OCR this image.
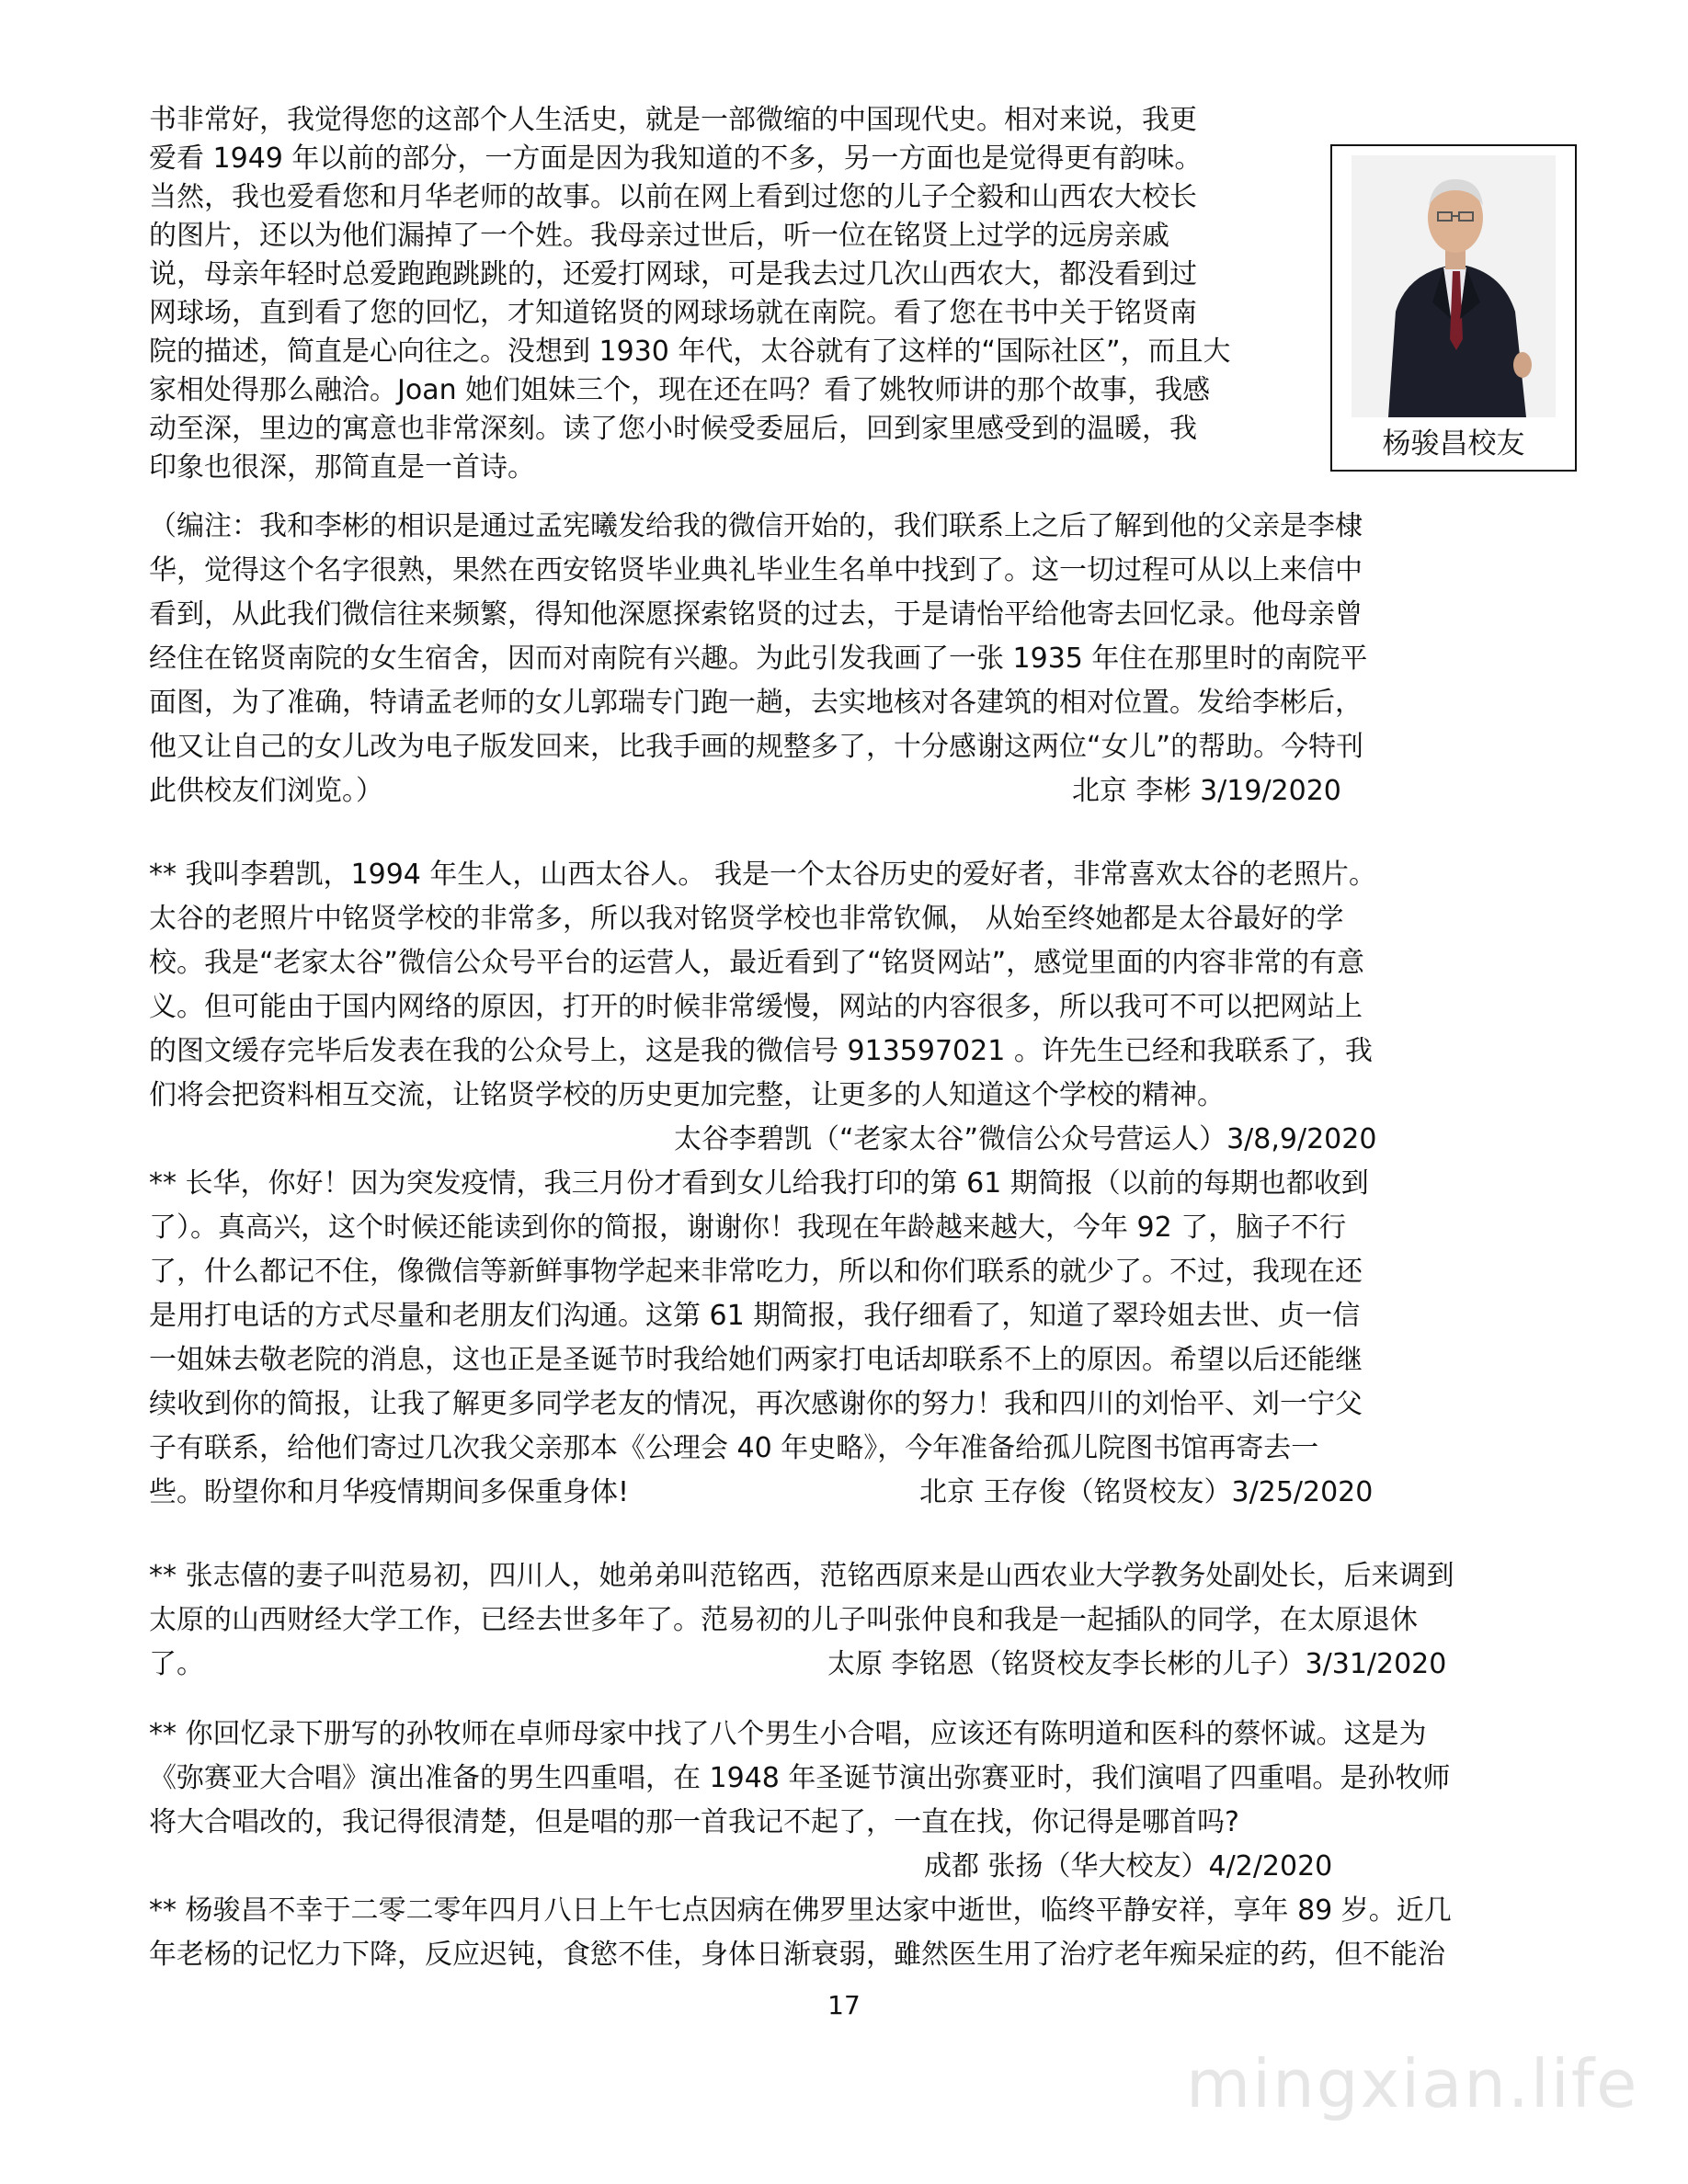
杨骏昌校友

书非常好，我觉得您的这部个人生活史，就是一部微缩的中国现代史。相对来说，我更

爱看 1949 年以前的部分，一方面是因为我知道的不多，另一方面也是觉得更有韵味。

当然，我也爱看您和月华老师的故事。以前在网上看到过您的儿子仝毅和山西农大校长

的图片，还以为他们漏掉了一个姓。我母亲过世后，听一位在铭贤上过学的远房亲戚

说，母亲年轻时总爱跑跑跳跳的，还爱打网球，可是我去过几次山西农大，都没看到过

网球场，直到看了您的回忆，才知道铭贤的网球场就在南院。看了您在书中关于铭贤南

院的描述，简直是心向往之。没想到 1930 年代，太谷就有了这样的“国际社区”，而且大

家相处得那么融洽。Joan 她们姐妹三个，现在还在吗？看了姚牧师讲的那个故事，我感

动至深，里边的寓意也非常深刻。读了您小时候受委屈后，回到家里感受到的温暖，我

印象也很深，那简直是一首诗。

（编注：我和李彬的相识是通过孟宪曦发给我的微信开始的，我们联系上之后了解到他的父亲是李棣

华，觉得这个名字很熟，果然在西安铭贤毕业典礼毕业生名单中找到了。这一切过程可从以上来信中

看到，从此我们微信往来频繁，得知他深愿探索铭贤的过去，于是请怡平给他寄去回忆录。他母亲曾

经住在铭贤南院的女生宿舍，因而对南院有兴趣。为此引发我画了一张 1935 年住在那里时的南院平

面图，为了准确，特请孟老师的女儿郭瑞专门跑一趟，去实地核对各建筑的相对位置。发给李彬后，

他又让自己的女儿改为电子版发回来，比我手画的规整多了，十分感谢这两位“女儿”的帮助。今特刊

此供校友们浏览。）	北京 李彬 3/19/2020

** 我叫李碧凯，1994 年生人，山西太谷人。 我是一个太谷历史的爱好者，非常喜欢太谷的老照片。

太谷的老照片中铭贤学校的非常多，所以我对铭贤学校也非常钦佩， 从始至终她都是太谷最好的学

校。我是“老家太谷”微信公众号平台的运营人，最近看到了“铭贤网站”，感觉里面的内容非常的有意

义。但可能由于国内网络的原因，打开的时候非常缓慢，网站的内容很多，所以我可不可以把网站上

的图文缓存完毕后发表在我的公众号上，这是我的微信号 913597021 。许先生已经和我联系了，我

们将会把资料相互交流，让铭贤学校的历史更加完整，让更多的人知道这个学校的精神。

太谷李碧凯（“老家太谷”微信公众号营运人）3/8,9/2020

** 长华，你好！因为突发疫情，我三月份才看到女儿给我打印的第 61 期简报（以前的每期也都收到

了）。真高兴，这个时候还能读到你的简报，谢谢你！我现在年龄越来越大，今年 92 了，脑子不行

了，什么都记不住，像微信等新鲜事物学起来非常吃力，所以和你们联系的就少了。不过，我现在还

是用打电话的方式尽量和老朋友们沟通。这第 61 期简报，我仔细看了，知道了翠玲姐去世、贞一信

一姐妹去敬老院的消息，这也正是圣诞节时我给她们两家打电话却联系不上的原因。希望以后还能继

续收到你的简报，让我了解更多同学老友的情况，再次感谢你的努力！我和四川的刘怡平、刘一宁父

子有联系，给他们寄过几次我父亲那本《公理会 40 年史略》，今年准备给孤儿院图书馆再寄去一

些。盼望你和月华疫情期间多保重身体!	北京 王存俊（铭贤校友）3/25/2020

** 张志僖的妻子叫范易初，四川人，她弟弟叫范铭西，范铭西原来是山西农业大学教务处副处长，后来调到

太原的山西财经大学工作，已经去世多年了。范易初的儿子叫张仲良和我是一起插队的同学，在太原退休

了。	太原 李铭恩（铭贤校友李长彬的儿子）3/31/2020

** 你回忆录下册写的孙牧师在卓师母家中找了八个男生小合唱，应该还有陈明道和医科的蔡怀诚。这是为

《弥赛亚大合唱》演出准备的男生四重唱，在 1948 年圣诞节演出弥赛亚时，我们演唱了四重唱。是孙牧师

将大合唱改的，我记得很清楚，但是唱的那一首我记不起了，一直在找，你记得是哪首吗?

成都 张扬（华大校友）4/2/2020

** 杨骏昌不幸于二零二零年四月八日上午七点因病在佛罗里达家中逝世，临终平静安祥，享年 89 岁。近几

年老杨的记忆力下降，反应迟钝，食慾不佳，身体日渐衰弱，雖然医生用了治疗老年痴呆症的药，但不能治

17
mingxian.life
